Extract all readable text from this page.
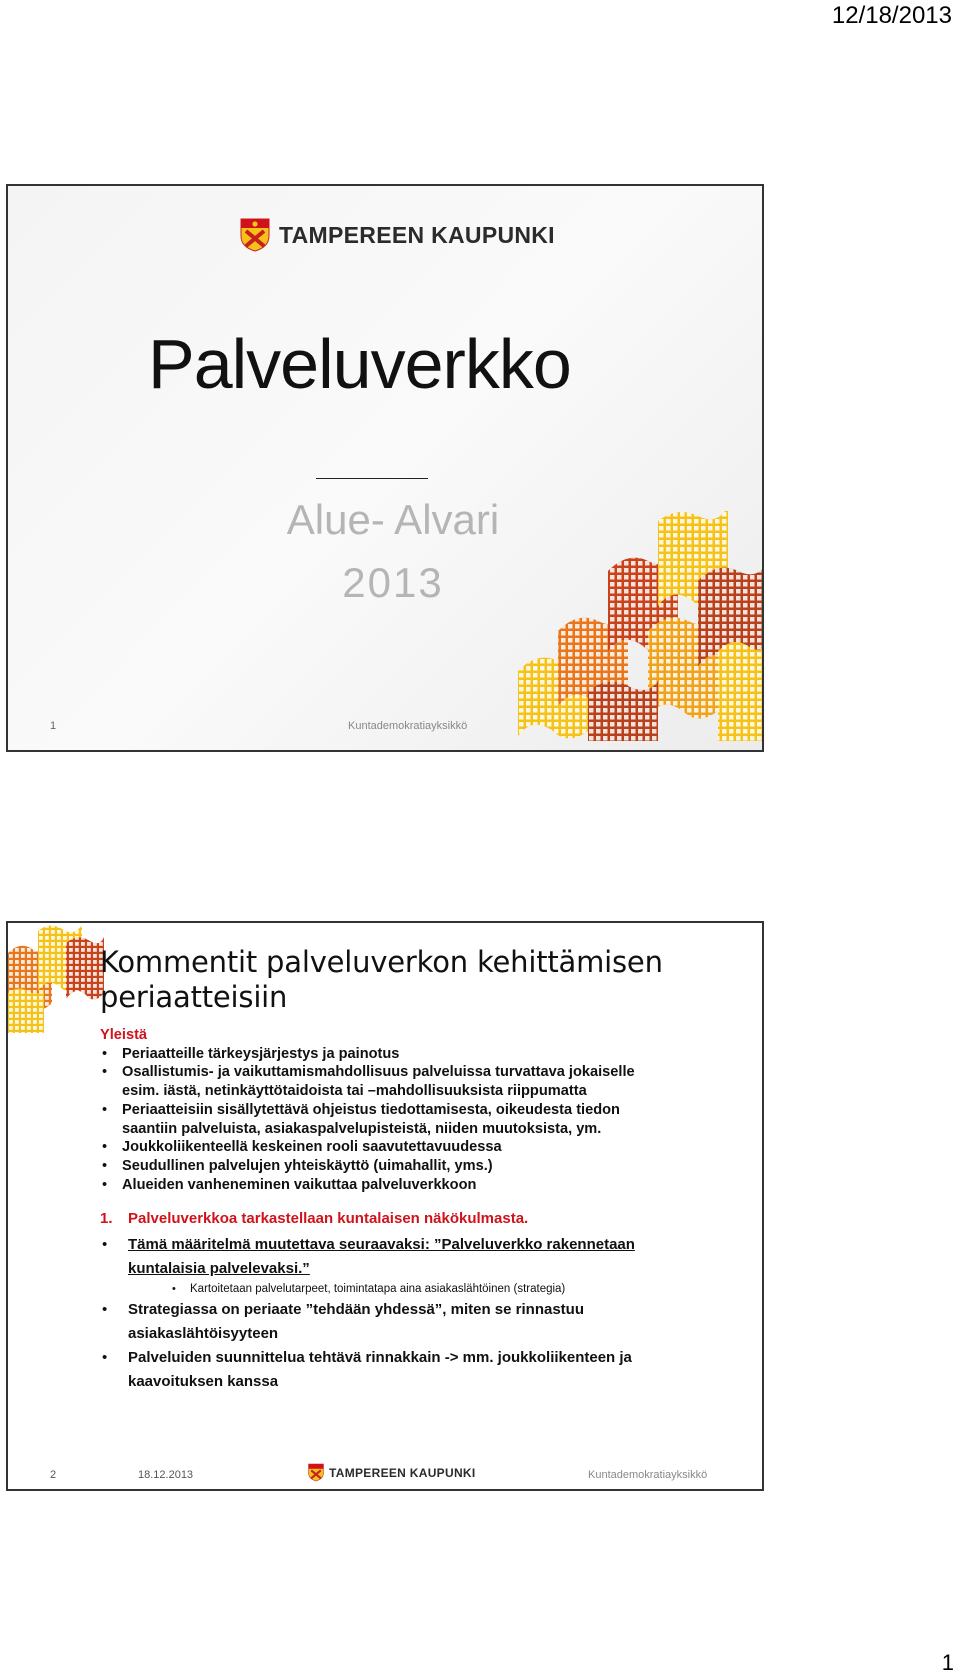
12/18/2013
TAMPEREEN KAUPUNKI
Palveluverkko
Alue- Alvari
2013
1	Kuntademokratiayksikkö
Kommentit palveluverkon kehittämisen
periaatteisiin
Yleistä
• Periaatteille tärkeysjärjestys ja painotus
• Osallistumis- ja vaikuttamismahdollisuus palveluissa turvattava jokaiselle
esim. iästä, netinkäyttötaidoista tai –mahdollisuuksista riippumatta
• Periaatteisiin sisällytettävä ohjeistus tiedottamisesta, oikeudesta tiedon
saantiin palveluista, asiakaspalvelupisteistä, niiden muutoksista, ym.
• Joukkoliikenteellä keskeinen rooli saavutettavuudessa
• Seudullinen palvelujen yhteiskäyttö (uimahallit, yms.)
• Alueiden vanheneminen vaikuttaa palveluverkkoon
1. Palveluverkkoa tarkastellaan kuntalaisen näkökulmasta.
• Tämä määritelmä muutettava seuraavaksi: ”Palveluverkko rakennetaan
kuntalaisia palvelevaksi.”
• Kartoitetaan palvelutarpeet, toimintatapa aina asiakaslähtöinen (strategia)
• Strategiassa on periaate ”tehdään yhdessä”, miten se rinnastuu
asiakaslähtöisyyteen
• Palveluiden suunnittelua tehtävä rinnakkain -> mm. joukkoliikenteen ja
kaavoituksen kanssa
2	18.12.2013	TAMPEREEN KAUPUNKI	Kuntademokratiayksikkö
1
